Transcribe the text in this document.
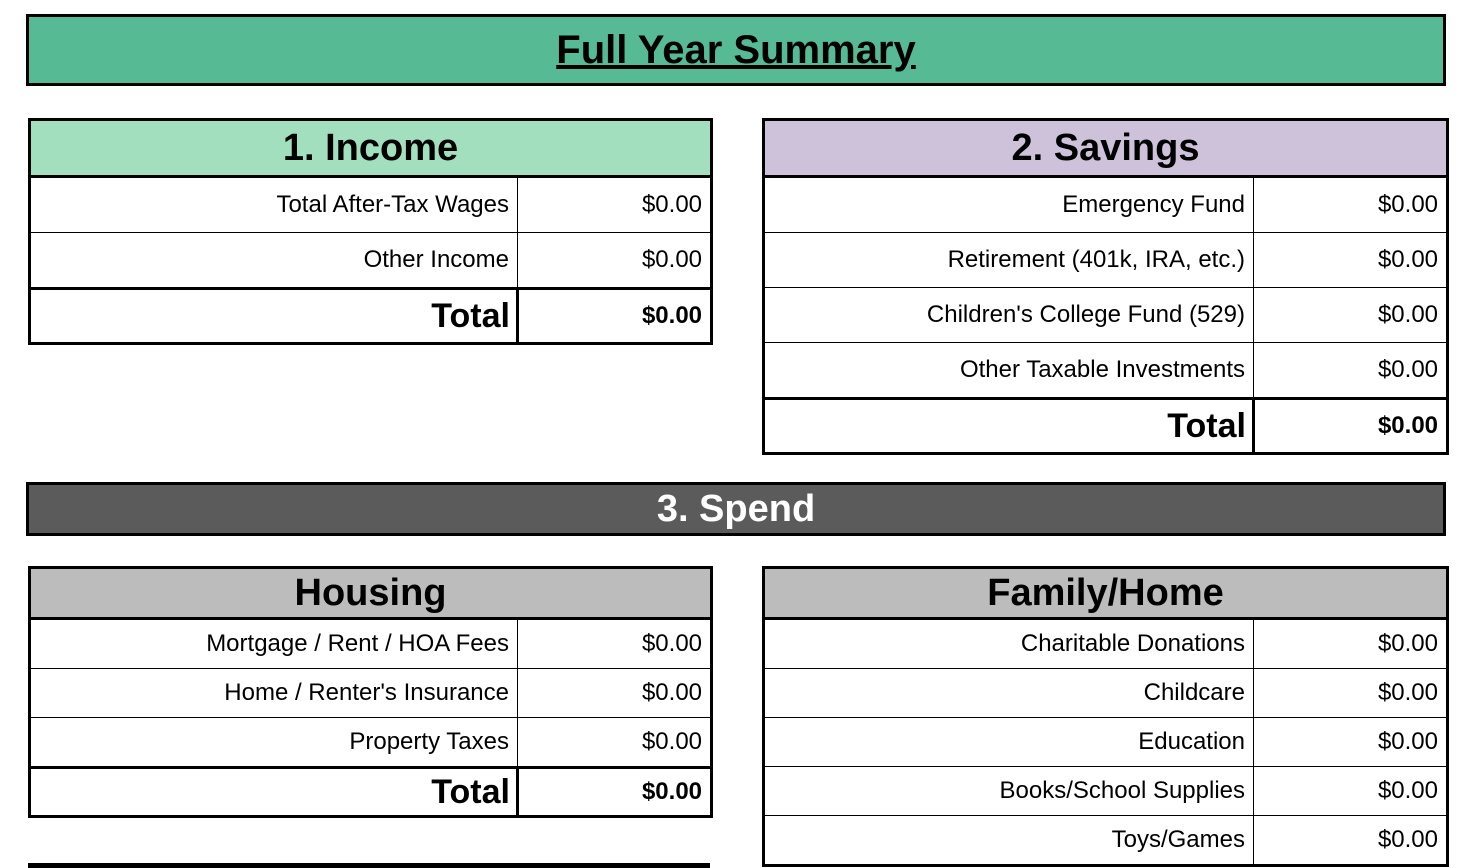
Full Year Summary
1. Income	
Total After-Tax Wages	$0.00
Other Income	$0.00
Total	$0.00
2. Savings	
Emergency Fund	$0.00
Retirement (401k, IRA, etc.)	$0.00
Children's College Fund (529)	$0.00
Other Taxable Investments	$0.00
Total	$0.00
3. Spend
Housing	
Mortgage / Rent / HOA Fees	$0.00
Home / Renter's Insurance	$0.00
Property Taxes	$0.00
Total	$0.00
Family/Home	
Charitable Donations	$0.00
Childcare	$0.00
Education	$0.00
Books/School Supplies	$0.00
Toys/Games	$0.00
